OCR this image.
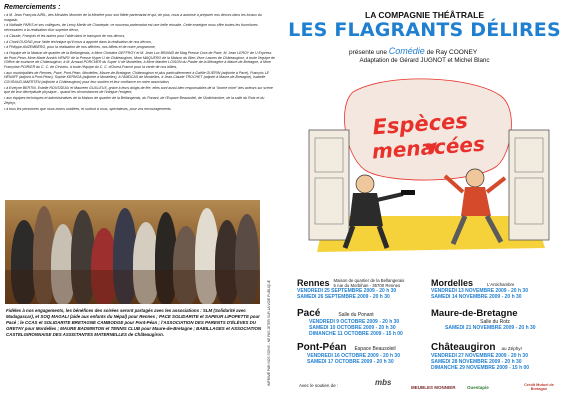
Remerciements :

• à M. Jean François AIRIL, des Meubles Monnier de la Mézière pour son fidèle partenariat et qui, de plus, nous a autorisé à préparer nos décors dans les locaux du magasin,

• à Nathalie PARIS et ses collègues, de Leroy Merlin de Chantepie, ce nouveau partenariat est une belle réussite. Cette enseigne nous offre toutes les fournitures nécessaires à la réalisation d'un superbe décor,

• à Claude, François et les autres pour l'aide dans le transport de nos décors,

• à Charli DUONG pour l'aide technique qu'il nous a apporté dans la réalisation de nos décors,

• à Philippe ANZEMBERG, pour la réalisation de nos affiches, nos billets et de notre programme,

• à l'équipe de la Maison de quartier de la Bellangerais, à Mme Christine GEFFROY et M. Jean Luc BRIAND de Mag Presse Cora de Pacé, M. Jean LEROY de U Express de Pont-Péan, Mme Marie Annick HENRY de la Presse Hyper U de Châteaugiron, Mme MAQUERO de la Maison du Bien-Vivre Lasnes de Châteaugiron, à toute l'équipe de l'Office de tourisme de Châteaugiron, à M. Arnaud PORCHER du Super U de Mordelles, à Mme Martine LOISON du Panier de la Ménagère à Maure-de-Bretagne, à Mme Françoise POIRIER du C. C. de Cévoins, à toute l'équipe du C. C. d'Ouest-France pour la vente de nos billets,

• aux municipalités de Rennes, Pacé, Pont-Péan, Mordelles, Maure-de-Bretagne, Châteaugiron et plus particulièrement à Gaëlle GUÉRIN (adjointe à Pacé), François LE HÉNAFF (adjoint à Pont-Péan), Sophie KERNOA (adjointe à Mordelles), à l'AMDCAS de Mordelles, à Jean-Claude TROCHET (adjoint à Maure-de-Bretagne), Isabelle COURAUD-MAERTEN (adjointe à Châteaugiron) pour leur soutien et leur confiance en notre association,

• à Evelyne BERTIN, Estelle ROUSSEAU et Maureen GUILLEUX, grâce à leurs doigts de fée, elles sont aussi bien responsables de la "bonne mine" des acteurs sur scène que de leur décrépitude physique... quand les circonstances de l'intrigue l'exigent,

• aux équipes techniques et administratives de la Maison de quartier de la Bellangerais, du Ponant, de l'Espace Beausoleil, de l'Antichambre, de la salle du Rotz et du Zéphyr,

• à tous les personnes que nous avons oubliées, et surtout à vous, spectateurs, pour vos encouragements.

IMPRIMÉ PAR NOS SOINS - NE PAS JETER SUR LA VOIE PUBLIQUE
Fidèles à nos engagements, les bénéfices des soirées seront partagés avec les associations : SLM (Solidarité avec Madagascar), et SOQ MAGALI (aide aux enfants du Népal) pour Rennes ; PACE SOLIDARITE et SAPEUR LIPOPETTE pour Pacé ; le CCAS et SOLIDARITE BRETAGNE CAMBODGE pour Pont-Péan ; l'ASSOCIATION DES PARENTS D'ÉLÈVES DU GRETAY pour Mordelles ; MAURE BADMINTON et TENNIS CLUB pour Maure-de-Bretagne ; BABILLAGES et ASSOCIATION CASTELGIRONNAISE DES ASSISTANTES MATERNELLES de Châteaugiron.
LA COMPAGNIE THÉÂTRALE
LES FLAGRANTS DÉLIRES
présente une Comédie de Ray COONEY
Adaptation de Gérard JUGNOT et Michel Blanc
Espèces
menacées
Rennes Maison de quartier de la Bellangerais
5 rue du Morbihan - 35700 Rennes
VENDREDI 25 SEPTEMBRE 2009 - 20 h 30
SAMEDI 26 SEPTEMBRE 2009 - 20 h 30
Mordelles	L'Antichambre
VENDREDI 13 NOVEMBRE 2009 - 20 h 30
SAMEDI 14 NOVEMBRE 2009 - 20 h 30
Pacé	Salle du Ponant
VENDREDI 9 OCTOBRE 2009 - 20 h 30
SAMEDI 10 OCTOBRE 2009 - 20 h 30
DIMANCHE 11 OCTOBRE 2009 - 15 h 00
Maure-de-Bretagne
Salle du Rotz
SAMEDI 21 NOVEMBRE 2009 - 20 h 30
Pont-Péan Espace Beausoleil
VENDREDI 16 OCTOBRE 2009 - 20 h 30
SAMEDI 17 OCTOBRE 2009 - 20 h 30
Châteaugiron au Zéphyr
VENDREDI 27 NOVEMBRE 2009 - 20 h 30
SAMEDI 28 NOVEMBRE 2009 - 20 h 30
DIMANCHE 29 NOVEMBRE 2009 - 15 h 00
Avec le soutien de :	mbs
MEUBLES MONNIER	Ouestapie	Crédit Mutuel de Bretagne
